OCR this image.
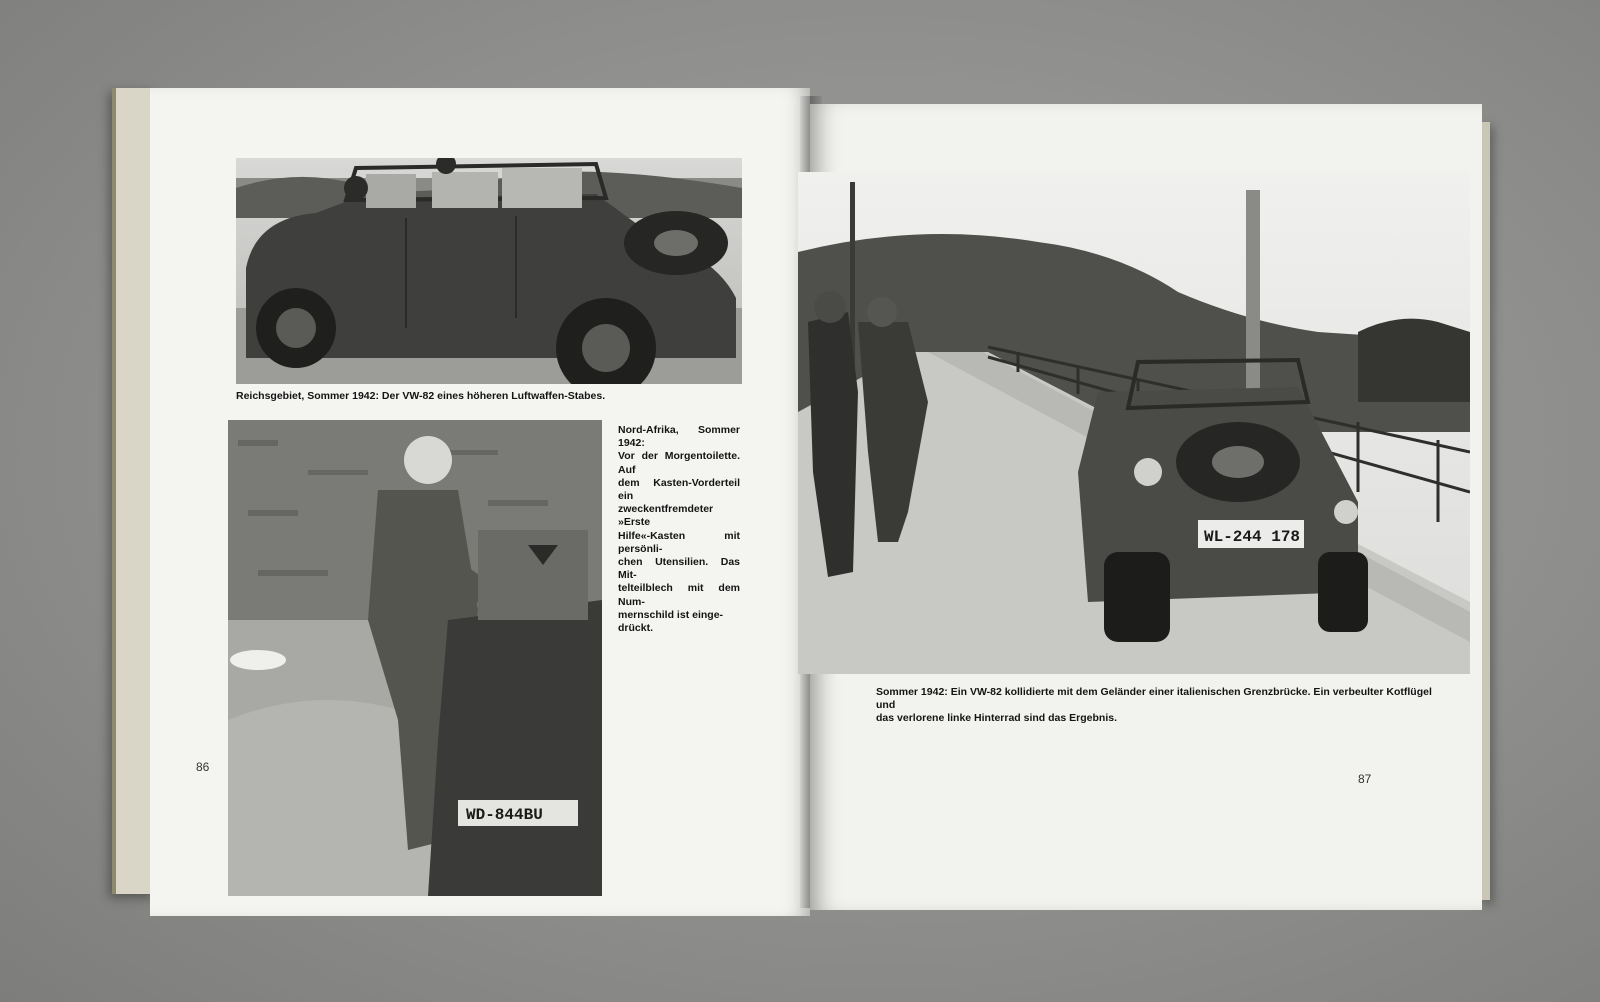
Reichsgebiet, Sommer 1942: Der VW-82 eines höheren Luftwaffen-Stabes.
WD-844BU
Nord-Afrika, Sommer 1942:
Vor der Morgentoilette. Auf
dem Kasten-Vorderteil ein
zweckentfremdeter »Erste
Hilfe«-Kasten mit persönli-
chen Utensilien. Das Mit-
telteilblech mit dem Num-
mernschild ist einge-
drückt.
86
WL-244 178
Sommer 1942: Ein VW-82 kollidierte mit dem Geländer einer italienischen Grenzbrücke. Ein verbeulter Kotflügel und
das verlorene linke Hinterrad sind das Ergebnis.
87
